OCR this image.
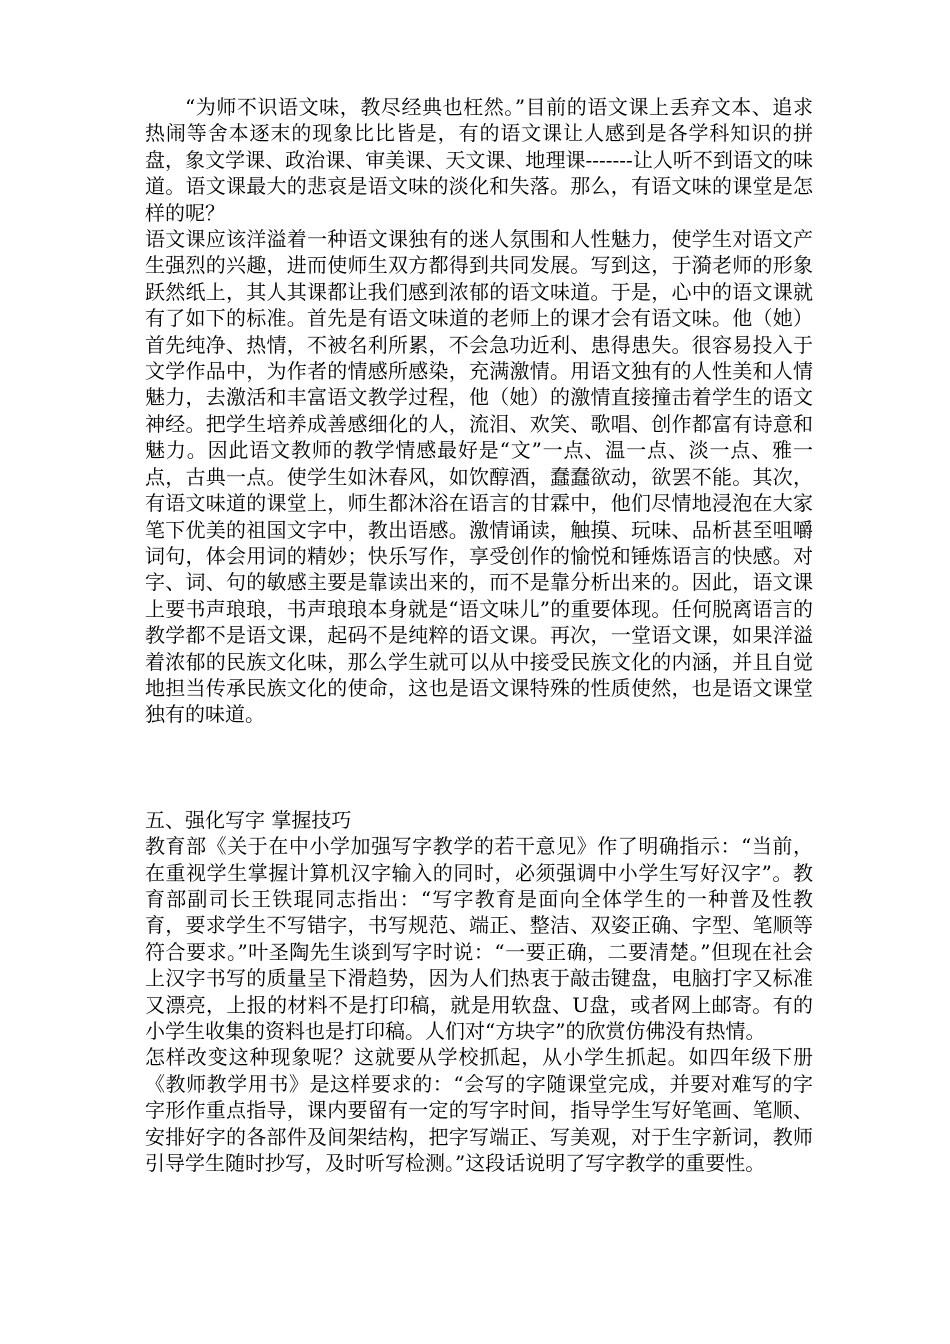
“为师不识语文味，教尽经典也枉然。”目前的语文课上丢弃文本、追求热闹等舍本逐末的现象比比皆是，有的语文课让人感到是各学科知识的拼盘，象文学课、政治课、审美课、天文课、地理课-------让人听不到语文的味道。语文课最大的悲哀是语文味的淡化和失落。那么，有语文味的课堂是怎样的呢？

语文课应该洋溢着一种语文课独有的迷人氛围和人性魅力，使学生对语文产生强烈的兴趣，进而使师生双方都得到共同发展。写到这，于漪老师的形象跃然纸上，其人其课都让我们感到浓郁的语文味道。于是，心中的语文课就有了如下的标准。首先是有语文味道的老师上的课才会有语文味。他（她）首先纯净、热情，不被名利所累，不会急功近利、患得患失。很容易投入于文学作品中，为作者的情感所感染，充满激情。用语文独有的人性美和人情魅力，去激活和丰富语文教学过程，他（她）的激情直接撞击着学生的语文神经。把学生培养成善感细化的人，流泪、欢笑、歌唱、创作都富有诗意和魅力。因此语文教师的教学情感最好是“文”一点、温一点、淡一点、雅一点，古典一点。使学生如沐春风，如饮醇酒，蠢蠢欲动，欲罢不能。其次，有语文味道的课堂上，师生都沐浴在语言的甘霖中，他们尽情地浸泡在大家笔下优美的祖国文字中，教出语感。激情诵读，触摸、玩味、品析甚至咀嚼词句，体会用词的精妙；快乐写作，享受创作的愉悦和锤炼语言的快感。对字、词、句的敏感主要是靠读出来的，而不是靠分析出来的。因此，语文课上要书声琅琅，书声琅琅本身就是“语文味儿”的重要体现。任何脱离语言的教学都不是语文课，起码不是纯粹的语文课。再次，一堂语文课，如果洋溢着浓郁的民族文化味，那么学生就可以从中接受民族文化的内涵，并且自觉地担当传承民族文化的使命，这也是语文课特殊的性质使然，也是语文课堂独有的味道。

五、强化写字 掌握技巧

教育部《关于在中小学加强写字教学的若干意见》作了明确指示：“当前，在重视学生掌握计算机汉字输入的同时，必须强调中小学生写好汉字”。教育部副司长王铁琨同志指出：“写字教育是面向全体学生的一种普及性教育，要求学生不写错字，书写规范、端正、整洁、双姿正确、字型、笔顺等符合要求。”叶圣陶先生谈到写字时说：“一要正确，二要清楚。”但现在社会上汉字书写的质量呈下滑趋势，因为人们热衷于敲击键盘，电脑打字又标准又漂亮，上报的材料不是打印稿，就是用软盘、U盘，或者网上邮寄。有的小学生收集的资料也是打印稿。人们对“方块字”的欣赏仿佛没有热情。

怎样改变这种现象呢？这就要从学校抓起，从小学生抓起。如四年级下册《教师教学用书》是这样要求的：“会写的字随课堂完成，并要对难写的字字形作重点指导，课内要留有一定的写字时间，指导学生写好笔画、笔顺、安排好字的各部件及间架结构，把字写端正、写美观，对于生字新词，教师引导学生随时抄写，及时听写检测。”这段话说明了写字教学的重要性。
